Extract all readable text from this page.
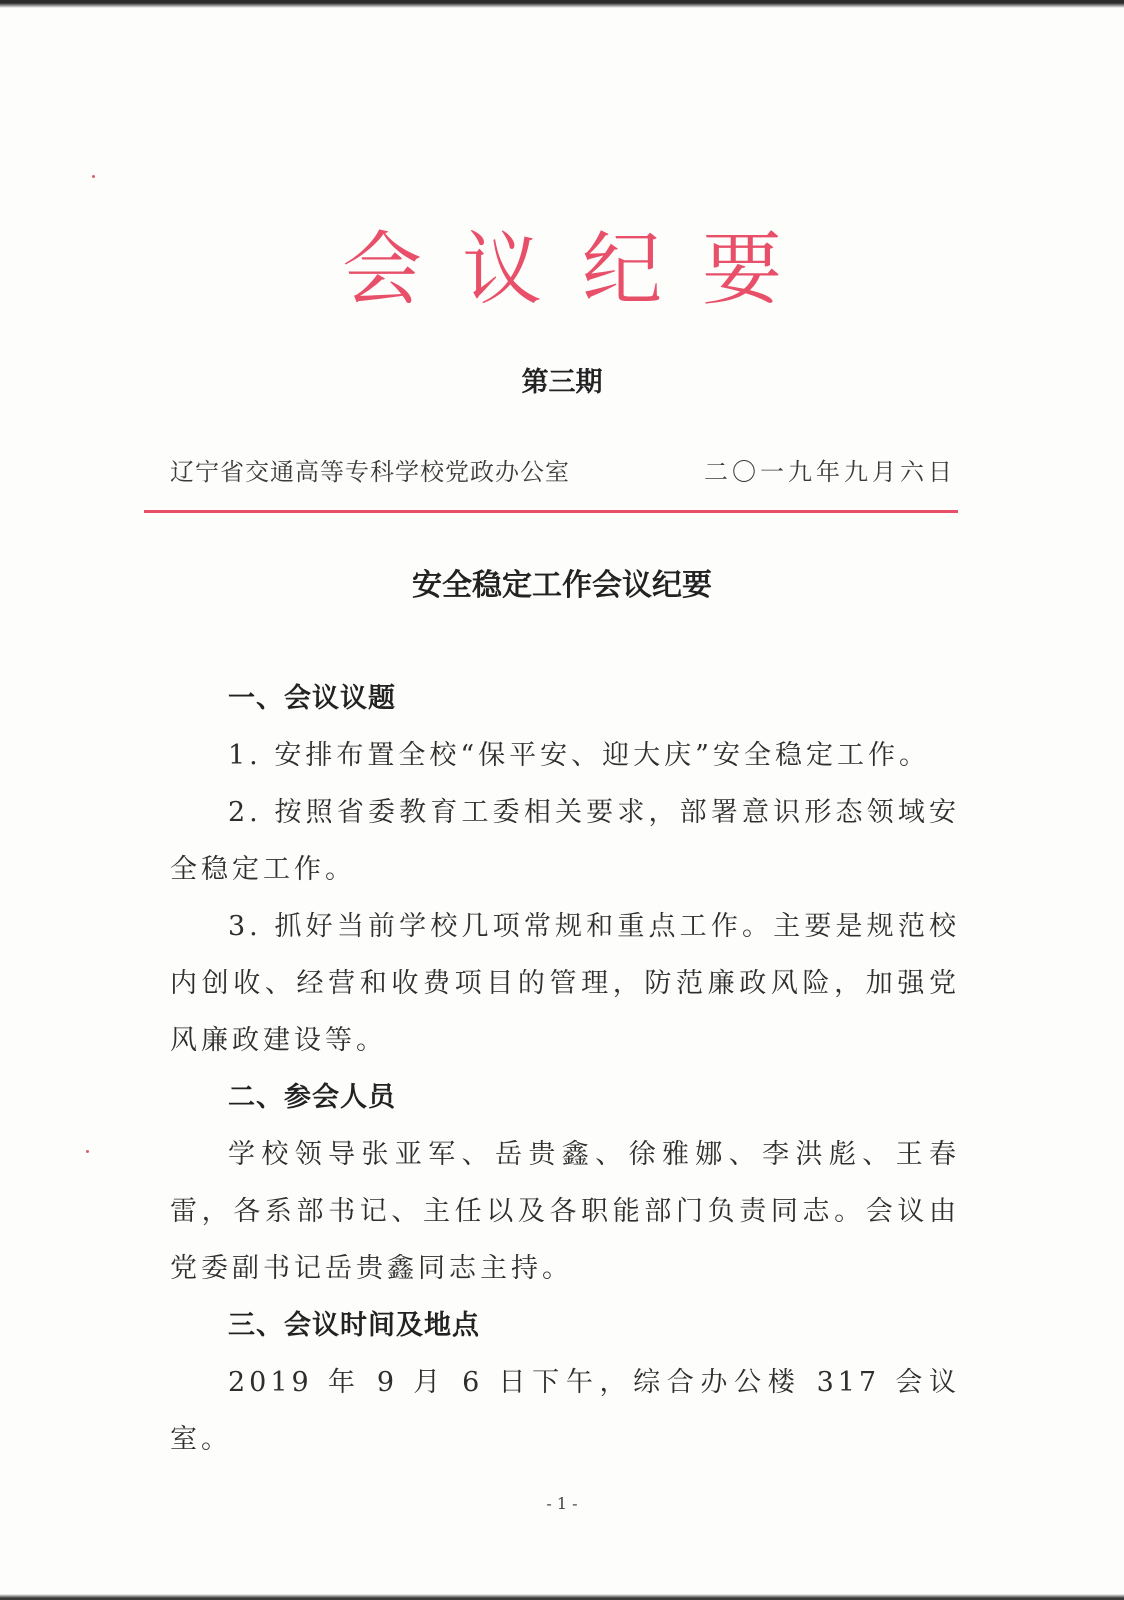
会议纪要
第三期
辽宁省交通高等专科学校党政办公室	二〇一九年九月六日
安全稳定工作会议纪要

一、会议议题

1. 安排布置全校“保平安、迎大庆”安全稳定工作。

2. 按照省委教育工委相关要求，部署意识形态领域安全稳定工作。

3. 抓好当前学校几项常规和重点工作。主要是规范校内创收、经营和收费项目的管理，防范廉政风险，加强党风廉政建设等。

二、参会人员

学校领导张亚军、岳贵鑫、徐雅娜、李洪彪、王春雷，各系部书记、主任以及各职能部门负责同志。会议由党委副书记岳贵鑫同志主持。

三、会议时间及地点

2019 年 9 月 6 日下午，综合办公楼 317 会议室。

- 1 -
